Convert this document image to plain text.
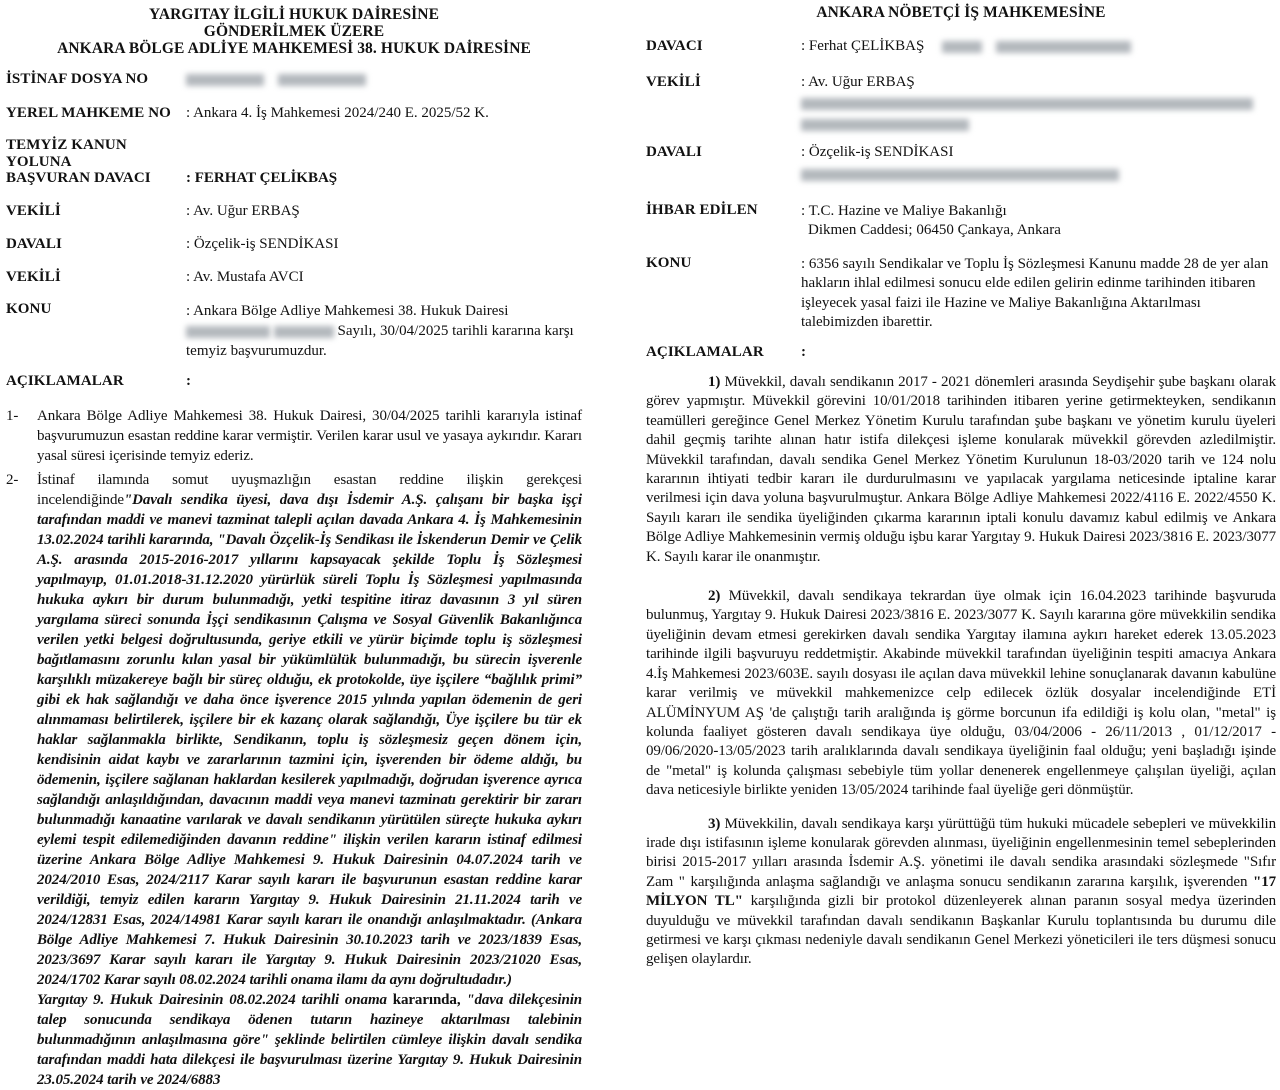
YARGITAY İLGİLİ HUKUK DAİRESİNE
GÖNDERİLMEK ÜZERE
ANKARA BÖLGE ADLİYE MAHKEMESİ 38. HUKUK DAİRESİNE
İSTİNAF DOSYA NO

YEREL MAHKEME NO	: Ankara 4. İş Mahkemesi 2024/240 E. 2025/52 K.
TEMYİZ KANUN YOLUNA
BAŞVURAN DAVACI	: FERHAT ÇELİKBAŞ
VEKİLİ	: Av. Uğur ERBAŞ
DAVALI	: Özçelik-iş SENDİKASI
VEKİLİ	: Av. Mustafa AVCI
KONU	: Ankara Bölge Adliye Mahkemesi 38. Hukuk Dairesi   Sayılı, 30/04/2025 tarihli kararına karşı temyiz başvurumuzdur.
AÇIKLAMALAR	:
1- Ankara Bölge Adliye Mahkemesi 38. Hukuk Dairesi, 30/04/2025 tarihli kararıyla istinaf başvurumuzun esastan reddine karar vermiştir. Verilen karar usul ve yasaya aykırıdır. Kararı yasal süresi içerisinde temyiz ederiz.
2- İstinaf ilamında somut uyuşmazlığın esastan reddine ilişkin gerekçesi incelendiğinde"Davalı sendika üyesi, dava dışı İsdemir A.Ş. çalışanı bir başka işçi tarafından maddi ve manevi tazminat talepli açılan davada Ankara 4. İş Mahkemesinin 13.02.2024 tarihli kararında, "Davalı Özçelik-İş Sendikası ile İskenderun Demir ve Çelik A.Ş. arasında 2015-2016-2017 yıllarını kapsayacak şekilde Toplu İş Sözleşmesi yapılmayıp, 01.01.2018-31.12.2020 yürürlük süreli Toplu İş Sözleşmesi yapılmasında hukuka aykırı bir durum bulunmadığı, yetki tespitine itiraz davasının 3 yıl süren yargılama süreci sonunda İşçi sendikasının Çalışma ve Sosyal Güvenlik Bakanlığınca verilen yetki belgesi doğrultusunda, geriye etkili ve yürür biçimde toplu iş sözleşmesi bağıtlamasını zorunlu kılan yasal bir yükümlülük bulunmadığı, bu sürecin işverenle karşılıklı müzakereye bağlı bir süreç olduğu, ek protokolde, üye işçilere “bağlılık primi” gibi ek hak sağlandığı ve daha önce işverence 2015 yılında yapılan ödemenin de geri alınmaması belirtilerek, işçilere bir ek kazanç olarak sağlandığı, Üye işçilere bu tür ek haklar sağlanmakla birlikte, Sendikanın, toplu iş sözleşmesiz geçen dönem için, kendisinin aidat kaybı ve zararlarının tazmini için, işverenden bir ödeme aldığı, bu ödemenin, işçilere sağlanan haklardan kesilerek yapılmadığı, doğrudan işverence ayrıca sağlandığı anlaşıldığından, davacının maddi veya manevi tazminatı gerektirir bir zararı bulunmadığı kanaatine varılarak ve davalı sendikanın yürütülen süreçte hukuka aykırı eylemi tespit edilemediğinden davanın reddine" ilişkin verilen kararın istinaf edilmesi üzerine Ankara Bölge Adliye Mahkemesi 9. Hukuk Dairesinin 04.07.2024 tarih ve 2024/2010 Esas, 2024/2117 Karar sayılı kararı ile başvurunun esastan reddine karar verildiği, temyiz edilen kararın Yargıtay 9. Hukuk Dairesinin 21.11.2024 tarih ve 2024/12831 Esas, 2024/14981 Karar sayılı kararı ile onandığı anlaşılmaktadır. (Ankara Bölge Adliye Mahkemesi 7. Hukuk Dairesinin 30.10.2023 tarih ve 2023/1839 Esas, 2023/3697 Karar sayılı kararı ile Yargıtay 9. Hukuk Dairesinin 2023/21020 Esas, 2024/1702 Karar sayılı 08.02.2024 tarihli onama ilamı da aynı doğrultudadır.)
Yargıtay 9. Hukuk Dairesinin 08.02.2024 tarihli onama kararında, "dava dilekçesinin talep sonucunda sendikaya ödenen tutarın hazineye aktarılması talebinin bulunmadığının anlaşılmasına göre" şeklinde belirtilen cümleye ilişkin davalı sendika tarafından maddi hata dilekçesi ile başvurulması üzerine Yargıtay 9. Hukuk Dairesinin 23.05.2024 tarih ve 2024/6883
ANKARA NÖBETÇİ İŞ MAHKEMESİNE
DAVACI	: Ferhat ÇELİKBAŞ
VEKİLİ	: Av. Uğur ERBAŞ
DAVALI	: Özçelik-iş SENDİKASI
İHBAR EDİLEN	: T.C. Hazine ve Maliye Bakanlığı
Dikmen Caddesi; 06450 Çankaya, Ankara
KONU	: 6356 sayılı Sendikalar ve Toplu İş Sözleşmesi Kanunu madde 28 de yer alan hakların ihlal edilmesi sonucu elde edilen gelirin edinme tarihinden itibaren işleyecek yasal faizi ile Hazine ve Maliye Bakanlığına Aktarılması talebimizden ibarettir.
AÇIKLAMALAR	:
1) Müvekkil, davalı sendikanın 2017 - 2021 dönemleri arasında Seydişehir şube başkanı olarak görev yapmıştır. Müvekkil görevini 10/01/2018 tarihinden itibaren yerine getirmekteyken, sendikanın teamülleri gereğince Genel Merkez Yönetim Kurulu tarafından şube başkanı ve yönetim kurulu üyeleri dahil geçmiş tarihte alınan hatır istifa dilekçesi işleme konularak müvekkil görevden azledilmiştir. Müvekkil tarafından, davalı sendika Genel Merkez Yönetim Kurulunun 18-03/2020 tarih ve 124 nolu kararının ihtiyati tedbir kararı ile durdurulmasını ve yapılacak yargılama neticesinde iptaline karar verilmesi için dava yoluna başvurulmuştur. Ankara Bölge Adliye Mahkemesi 2022/4116 E. 2022/4550 K. Sayılı kararı ile sendika üyeliğinden çıkarma kararının iptali konulu davamız kabul edilmiş ve Ankara Bölge Adliye Mahkemesinin vermiş olduğu işbu karar Yargıtay 9. Hukuk Dairesi 2023/3816 E. 2023/3077 K. Sayılı karar ile onanmıştır.
2) Müvekkil, davalı sendikaya tekrardan üye olmak için 16.04.2023 tarihinde başvuruda bulunmuş, Yargıtay 9. Hukuk Dairesi 2023/3816 E. 2023/3077 K. Sayılı kararına göre müvekkilin sendika üyeliğinin devam etmesi gerekirken davalı sendika Yargıtay ilamına aykırı hareket ederek 13.05.2023 tarihinde ilgili başvuruyu reddetmiştir. Akabinde müvekkil tarafından üyeliğinin tespiti amacıya Ankara 4.İş Mahkemesi 2023/603E. sayılı dosyası ile açılan dava müvekkil lehine sonuçlanarak davanın kabulüne karar verilmiş ve müvekkil mahkemenizce celp edilecek özlük dosyalar incelendiğinde ETİ ALÜMİNYUM AŞ 'de çalıştığı tarih aralığında iş görme borcunun ifa edildiği iş kolu olan, "metal" iş kolunda faaliyet gösteren davalı sendikaya üye olduğu, 03/04/2006 - 26/11/2013 , 01/12/2017 - 09/06/2020-13/05/2023 tarih aralıklarında davalı sendikaya üyeliğinin faal olduğu; yeni başladığı işinde de "metal" iş kolunda çalışması sebebiyle tüm yollar denenerek engellenmeye çalışılan üyeliği, açılan dava neticesiyle birlikte yeniden 13/05/2024 tarihinde faal üyeliğe geri dönmüştür.
3) Müvekkilin, davalı sendikaya karşı yürüttüğü tüm hukuki mücadele sebepleri ve müvekkilin irade dışı istifasının işleme konularak görevden alınması, üyeliğinin engellenmesinin temel sebeplerinden birisi 2015-2017 yılları arasında İsdemir A.Ş. yönetimi ile davalı sendika arasındaki sözleşmede "Sıfır Zam " karşılığında anlaşma sağlandığı ve anlaşma sonucu sendikanın zararına karşılık, işverenden "17 MİLYON TL" karşılığında gizli bir protokol düzenleyerek alınan paranın sosyal medya üzerinden duyulduğu ve müvekkil tarafından davalı sendikanın Başkanlar Kurulu toplantısında bu durumu dile getirmesi ve karşı çıkması nedeniyle davalı sendikanın Genel Merkezi yöneticileri ile ters düşmesi sonucu gelişen olaylardır.
